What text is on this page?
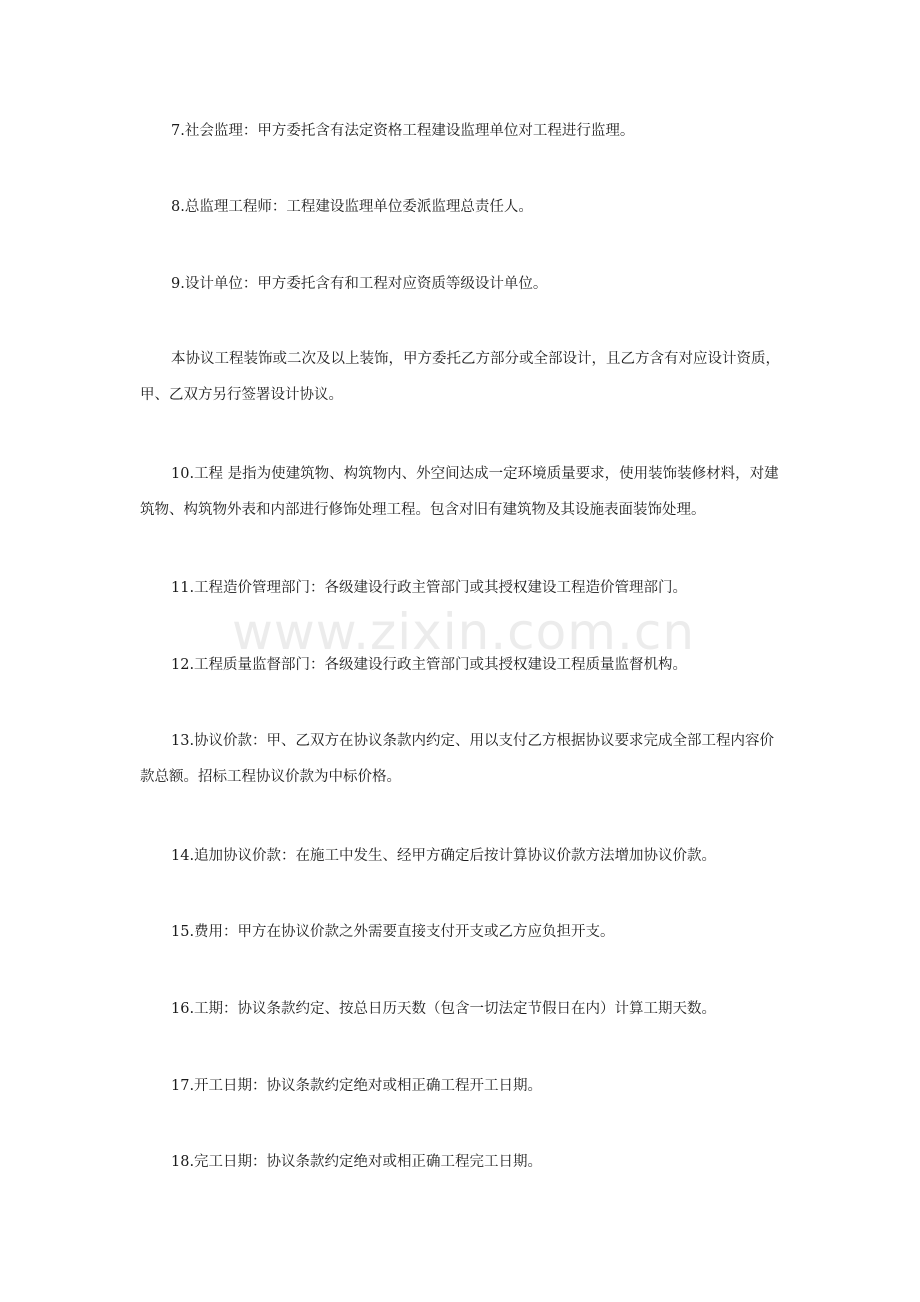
www.zixin.com.cn

7.社会监理：甲方委托含有法定资格工程建设监理单位对工程进行监理。

8.总监理工程师：工程建设监理单位委派监理总责任人。

9.设计单位：甲方委托含有和工程对应资质等级设计单位。

本协议工程装饰或二次及以上装饰，甲方委托乙方部分或全部设计，且乙方含有对应设计资质，甲、乙双方另行签署设计协议。

10.工程 是指为使建筑物、构筑物内、外空间达成一定环境质量要求，使用装饰装修材料，对建筑物、构筑物外表和内部进行修饰处理工程。包含对旧有建筑物及其设施表面装饰处理。

11.工程造价管理部门：各级建设行政主管部门或其授权建设工程造价管理部门。

12.工程质量监督部门：各级建设行政主管部门或其授权建设工程质量监督机构。

13.协议价款：甲、乙双方在协议条款内约定、用以支付乙方根据协议要求完成全部工程内容价款总额。招标工程协议价款为中标价格。

14.追加协议价款：在施工中发生、经甲方确定后按计算协议价款方法增加协议价款。

15.费用：甲方在协议价款之外需要直接支付开支或乙方应负担开支。

16.工期：协议条款约定、按总日历天数（包含一切法定节假日在内）计算工期天数。

17.开工日期：协议条款约定绝对或相正确工程开工日期。

18.完工日期：协议条款约定绝对或相正确工程完工日期。
